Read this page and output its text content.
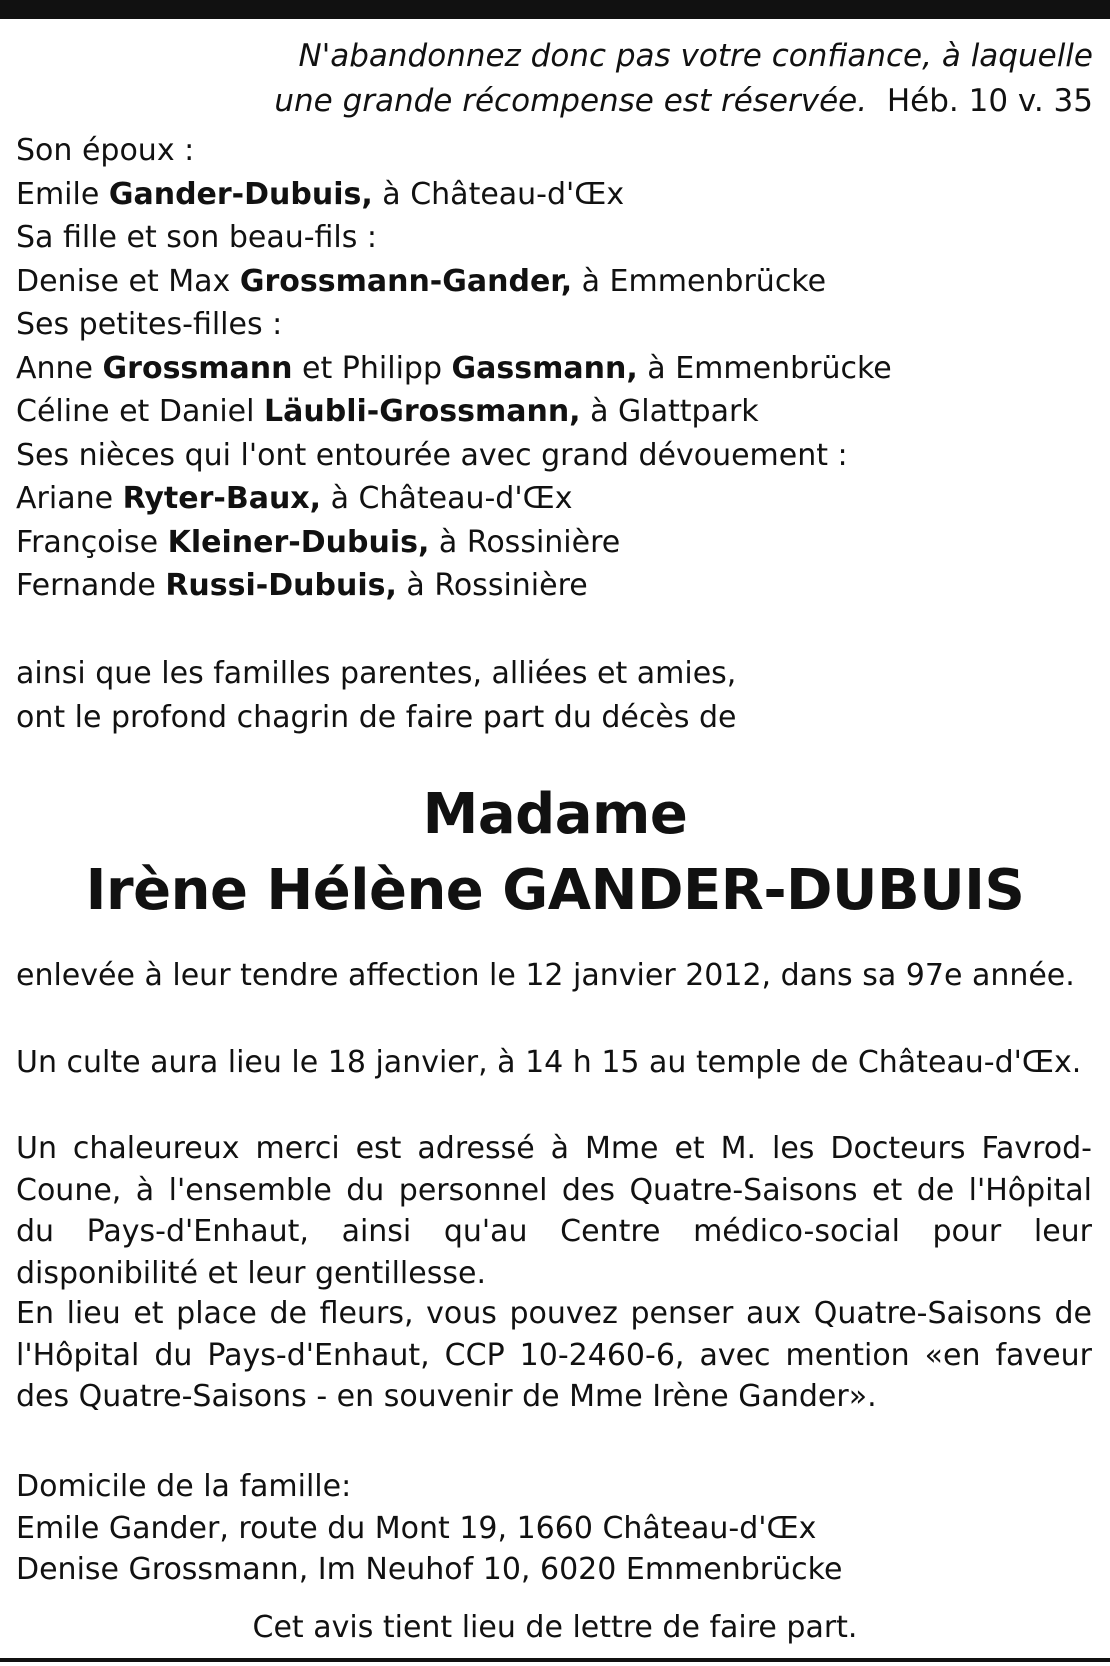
N'abandonnez donc pas votre confiance, à laquelle
une grande récompense est réservée. Héb. 10 v. 35
Son époux :
Emile Gander-Dubuis, à Château-d'Œx
Sa fille et son beau-fils :
Denise et Max Grossmann-Gander, à Emmenbrücke
Ses petites-filles :
Anne Grossmann et Philipp Gassmann, à Emmenbrücke
Céline et Daniel Läubli-Grossmann, à Glattpark
Ses nièces qui l'ont entourée avec grand dévouement :
Ariane Ryter-Baux, à Château-d'Œx
Françoise Kleiner-Dubuis, à Rossinière
Fernande Russi-Dubuis, à Rossinière
ainsi que les familles parentes, alliées et amies,
ont le profond chagrin de faire part du décès de
Madame
Irène Hélène GANDER-DUBUIS
enlevée à leur tendre affection le 12 janvier 2012, dans sa 97e année.
Un culte aura lieu le 18 janvier, à 14 h 15 au temple de Château-d'Œx.
Un chaleureux merci est adressé à Mme et M. les Docteurs Favrod-Coune, à l'ensemble du personnel des Quatre-Saisons et de l'Hôpital du Pays-d'Enhaut, ainsi qu'au Centre médico-social pour leur disponibilité et leur gentillesse.
En lieu et place de fleurs, vous pouvez penser aux Quatre-Saisons de l'Hôpital du Pays-d'Enhaut, CCP 10-2460-6, avec mention «en faveur des Quatre-Saisons - en souvenir de Mme Irène Gander».
Domicile de la famille:
Emile Gander, route du Mont 19, 1660 Château-d'Œx
Denise Grossmann, Im Neuhof 10, 6020 Emmenbrücke
Cet avis tient lieu de lettre de faire part.
